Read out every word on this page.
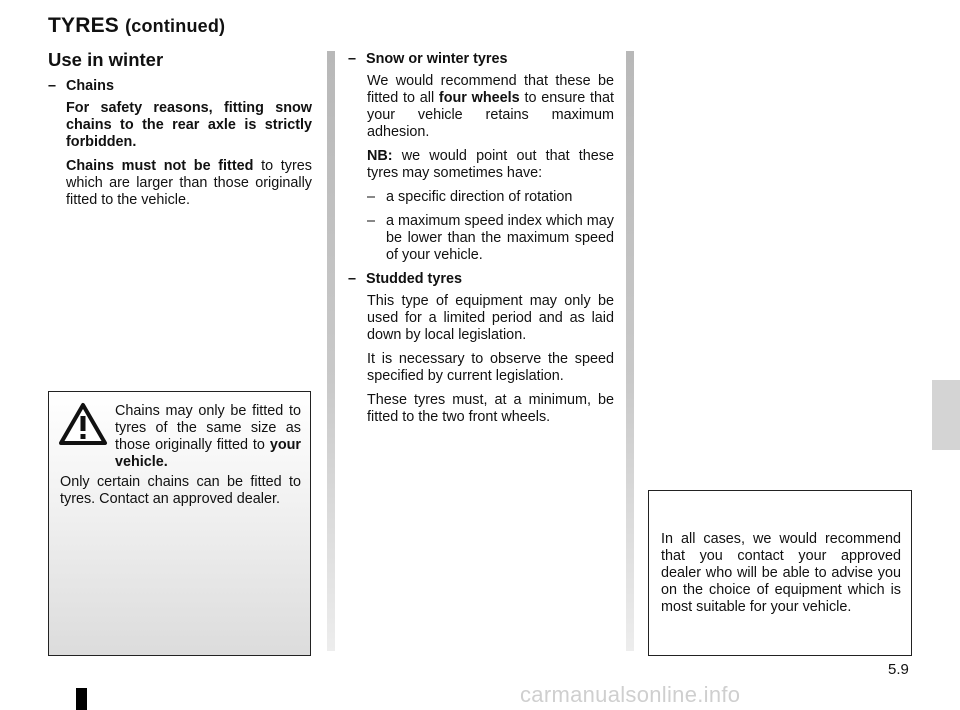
TYRES (continued)
Use in winter
– Chains

For safety reasons, fitting snow chains to the rear axle is strictly forbidden.

Chains must not be fitted to tyres which are larger than those originally fitted to the vehicle.

Chains may only be fitted to tyres of the same size as those originally fitted to your vehicle.

Only certain chains can be fitted to tyres. Contact an approved dealer.

– Snow or winter tyres

We would recommend that these be fitted to all four wheels to ensure that your vehicle retains maximum adhesion.

NB: we would point out that these tyres may sometimes have:

– a specific direction of rotation

– a maximum speed index which may be lower than the maximum speed of your vehicle.

– Studded tyres

This type of equipment may only be used for a limited period and as laid down by local legislation.

It is necessary to observe the speed specified by current legislation.

These tyres must, at a minimum, be fitted to the two front wheels.

In all cases, we would recommend that you contact your approved dealer who will be able to advise you on the choice of equipment which is most suitable for your vehicle.

5.9
carmanualsonline.info
